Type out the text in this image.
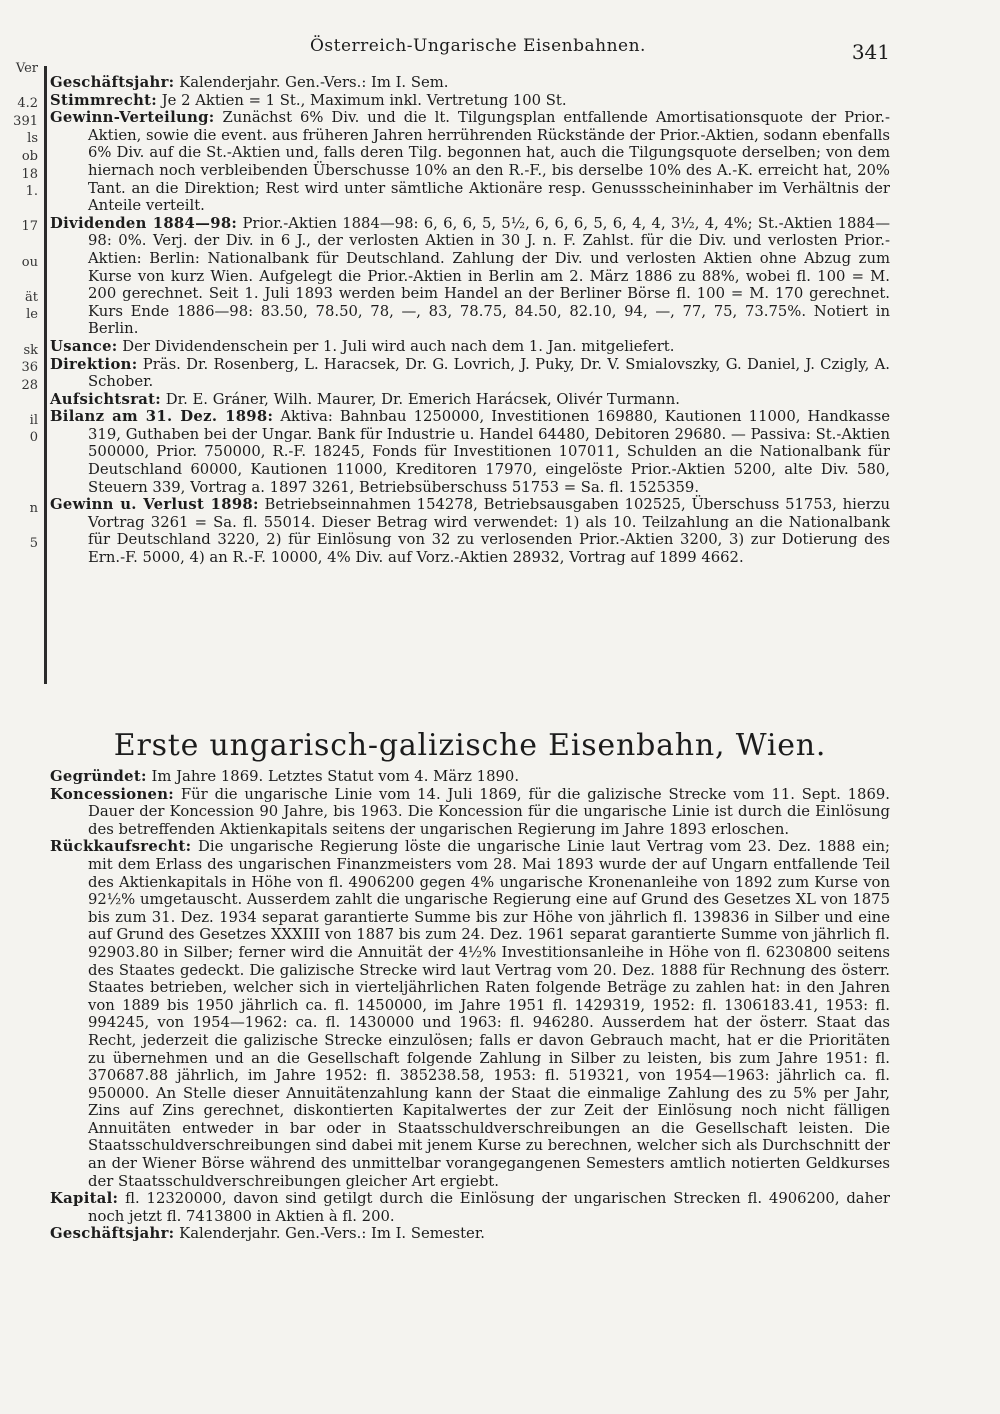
Ver

4.2
391
ls
ob
18
1.

17

ou

ät
le

sk
36
28

il
0

n

5
Österreich-Ungarische Eisenbahnen.	341

Geschäftsjahr: Kalenderjahr. Gen.-Vers.: Im I. Sem.

Stimmrecht: Je 2 Aktien = 1 St., Maximum inkl. Vertretung 100 St.

Gewinn-Verteilung: Zunächst 6% Div. und die lt. Tilgungsplan entfallende Amortisationsquote der Prior.-Aktien, sowie die event. aus früheren Jahren herrührenden Rückstände der Prior.-Aktien, sodann ebenfalls 6% Div. auf die St.-Aktien und, falls deren Tilg. begonnen hat, auch die Tilgungsquote derselben; von dem hiernach noch verbleibenden Überschusse 10% an den R.-F., bis derselbe 10% des A.-K. erreicht hat, 20% Tant. an die Direktion; Rest wird unter sämtliche Aktionäre resp. Genussscheininhaber im Verhältnis der Anteile verteilt.

Dividenden 1884—98: Prior.-Aktien 1884—98: 6, 6, 6, 5, 5½, 6, 6, 6, 5, 6, 4, 4, 3½, 4, 4%; St.-Aktien 1884—98: 0%. Verj. der Div. in 6 J., der verlosten Aktien in 30 J. n. F. Zahlst. für die Div. und verlosten Prior.-Aktien: Berlin: Nationalbank für Deutschland. Zahlung der Div. und verlosten Aktien ohne Abzug zum Kurse von kurz Wien. Aufgelegt die Prior.-Aktien in Berlin am 2. März 1886 zu 88%, wobei fl. 100 = M. 200 gerechnet. Seit 1. Juli 1893 werden beim Handel an der Berliner Börse fl. 100 = M. 170 gerechnet. Kurs Ende 1886—98: 83.50, 78.50, 78, —, 83, 78.75, 84.50, 82.10, 94, —, 77, 75, 73.75%. Notiert in Berlin.

Usance: Der Dividendenschein per 1. Juli wird auch nach dem 1. Jan. mitgeliefert.

Direktion: Präs. Dr. Rosenberg, L. Haracsek, Dr. G. Lovrich, J. Puky, Dr. V. Smialovszky, G. Daniel, J. Czigly, A. Schober.

Aufsichtsrat: Dr. E. Gráner, Wilh. Maurer, Dr. Emerich Harácsek, Olivér Turmann.

Bilanz am 31. Dez. 1898: Aktiva: Bahnbau 1250000, Investitionen 169880, Kautionen 11000, Handkasse 319, Guthaben bei der Ungar. Bank für Industrie u. Handel 64480, Debitoren 29680. — Passiva: St.-Aktien 500000, Prior. 750000, R.-F. 18245, Fonds für Investitionen 107011, Schulden an die Nationalbank für Deutschland 60000, Kautionen 11000, Kreditoren 17970, eingelöste Prior.-Aktien 5200, alte Div. 580, Steuern 339, Vortrag a. 1897 3261, Betriebsüberschuss 51753 = Sa. fl. 1525359.

Gewinn u. Verlust 1898: Betriebseinnahmen 154278, Betriebsausgaben 102525, Überschuss 51753, hierzu Vortrag 3261 = Sa. fl. 55014. Dieser Betrag wird verwendet: 1) als 10. Teilzahlung an die Nationalbank für Deutschland 3220, 2) für Einlösung von 32 zu verlosenden Prior.-Aktien 3200, 3) zur Dotierung des Ern.-F. 5000, 4) an R.-F. 10000, 4% Div. auf Vorz.-Aktien 28932, Vortrag auf 1899 4662.

Erste ungarisch-galizische Eisenbahn, Wien.

Gegründet: Im Jahre 1869. Letztes Statut vom 4. März 1890.

Koncessionen: Für die ungarische Linie vom 14. Juli 1869, für die galizische Strecke vom 11. Sept. 1869. Dauer der Koncession 90 Jahre, bis 1963. Die Koncession für die ungarische Linie ist durch die Einlösung des betreffenden Aktienkapitals seitens der ungarischen Regierung im Jahre 1893 erloschen.

Rückkaufsrecht: Die ungarische Regierung löste die ungarische Linie laut Vertrag vom 23. Dez. 1888 ein; mit dem Erlass des ungarischen Finanzmeisters vom 28. Mai 1893 wurde der auf Ungarn entfallende Teil des Aktienkapitals in Höhe von fl. 4906200 gegen 4% ungarische Kronenanleihe von 1892 zum Kurse von 92½% umgetauscht. Ausserdem zahlt die ungarische Regierung eine auf Grund des Gesetzes XL von 1875 bis zum 31. Dez. 1934 separat garantierte Summe bis zur Höhe von jährlich fl. 139836 in Silber und eine auf Grund des Gesetzes XXXIII von 1887 bis zum 24. Dez. 1961 separat garantierte Summe von jährlich fl. 92903.80 in Silber; ferner wird die Annuität der 4½% Investitionsanleihe in Höhe von fl. 6230800 seitens des Staates gedeckt. Die galizische Strecke wird laut Vertrag vom 20. Dez. 1888 für Rechnung des österr. Staates betrieben, welcher sich in vierteljährlichen Raten folgende Beträge zu zahlen hat: in den Jahren von 1889 bis 1950 jährlich ca. fl. 1450000, im Jahre 1951 fl. 1429319, 1952: fl. 1306183.41, 1953: fl. 994245, von 1954—1962: ca. fl. 1430000 und 1963: fl. 946280. Ausserdem hat der österr. Staat das Recht, jederzeit die galizische Strecke einzulösen; falls er davon Gebrauch macht, hat er die Prioritäten zu übernehmen und an die Gesellschaft folgende Zahlung in Silber zu leisten, bis zum Jahre 1951: fl. 370687.88 jährlich, im Jahre 1952: fl. 385238.58, 1953: fl. 519321, von 1954—1963: jährlich ca. fl. 950000. An Stelle dieser Annuitätenzahlung kann der Staat die einmalige Zahlung des zu 5% per Jahr, Zins auf Zins gerechnet, diskontierten Kapitalwertes der zur Zeit der Einlösung noch nicht fälligen Annuitäten entweder in bar oder in Staatsschuldverschreibungen an die Gesellschaft leisten. Die Staatsschuldverschreibungen sind dabei mit jenem Kurse zu berechnen, welcher sich als Durchschnitt der an der Wiener Börse während des unmittelbar vorangegangenen Semesters amtlich notierten Geldkurses der Staatsschuldverschreibungen gleicher Art ergiebt.

Kapital: fl. 12320000, davon sind getilgt durch die Einlösung der ungarischen Strecken fl. 4906200, daher noch jetzt fl. 7413800 in Aktien à fl. 200.

Geschäftsjahr: Kalenderjahr. Gen.-Vers.: Im I. Semester.
